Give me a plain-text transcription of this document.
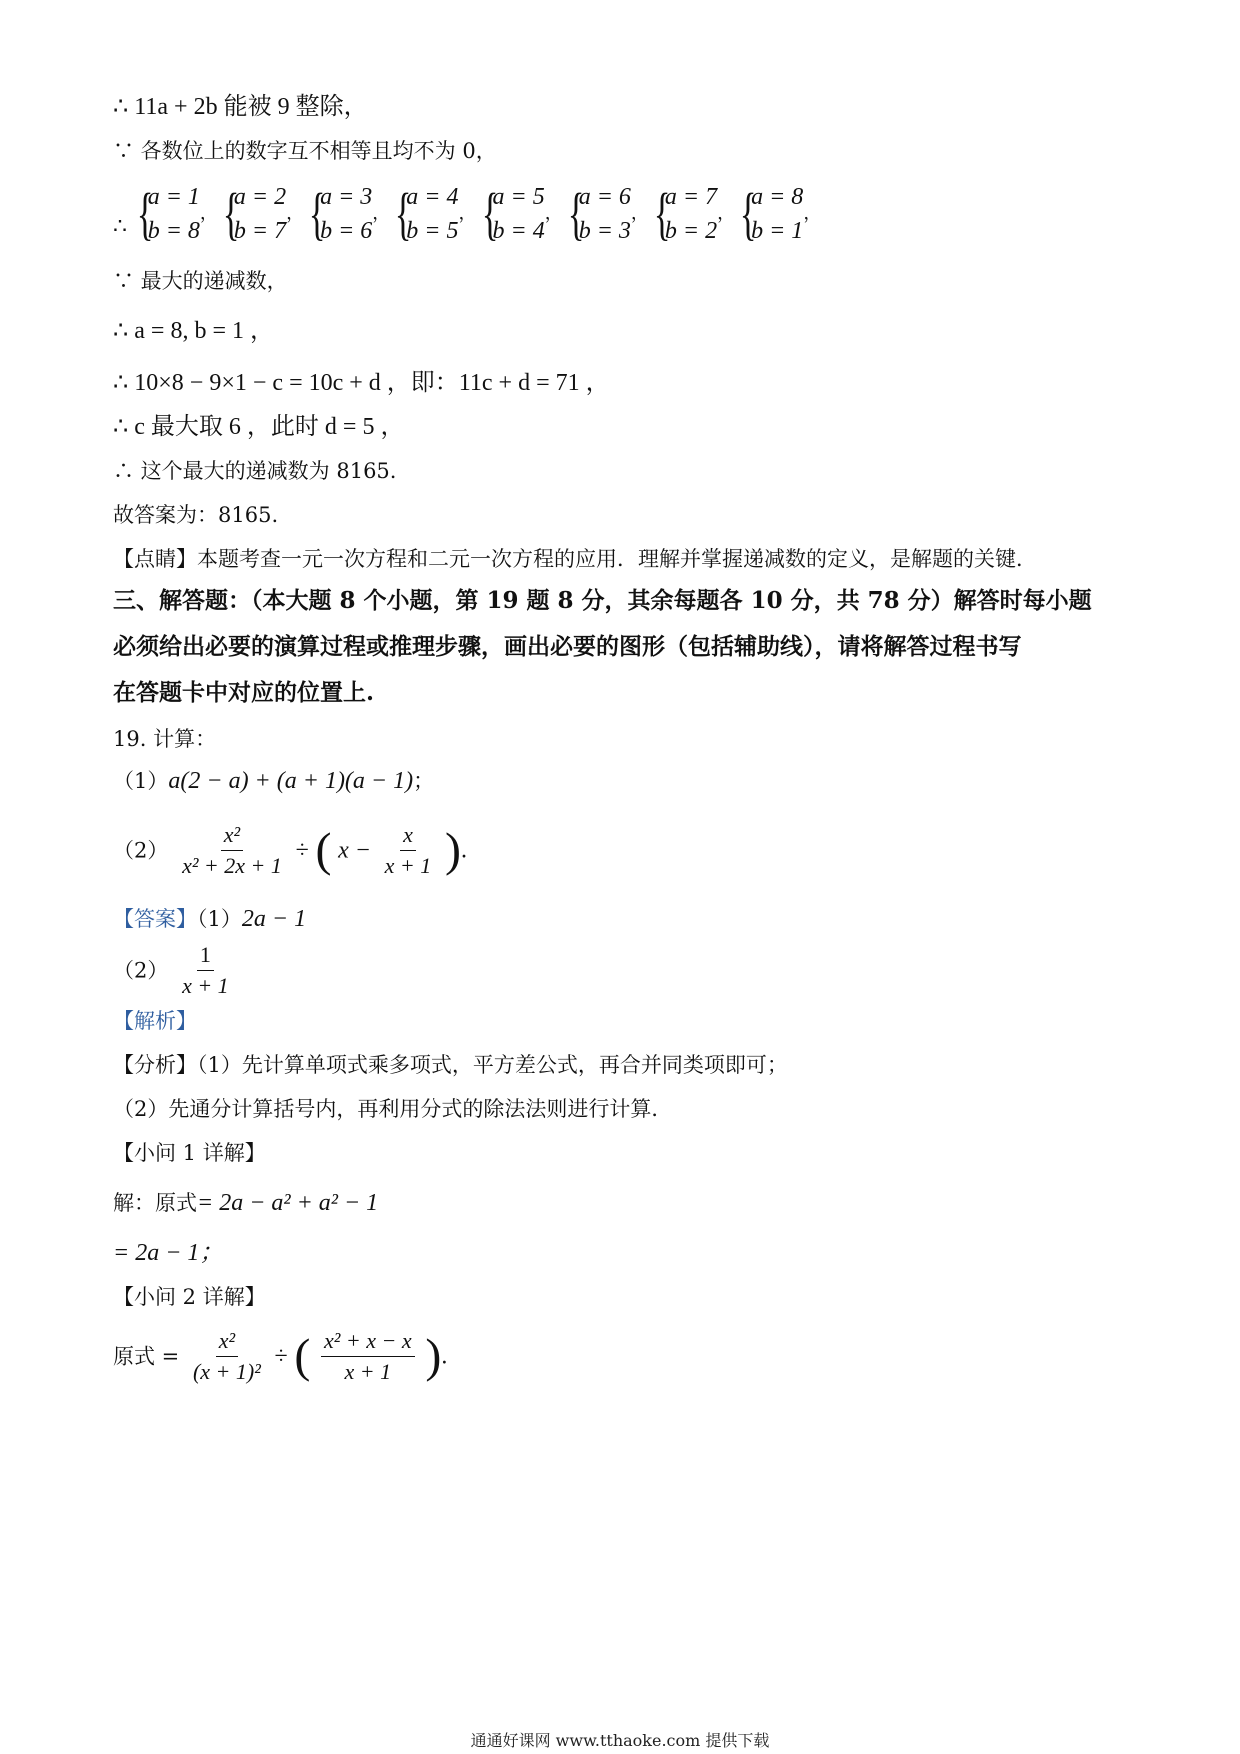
∴ 11a + 2b 能被 9 整除，
∵ 各数位上的数字互不相等且均不为 0，
∴ {
a = 1
b = 8
， {
a = 2
b = 7
， {
a = 3
b = 6
， {
a = 4
b = 5
， {
a = 5
b = 4
， {
a = 6
b = 3
， {
a = 7
b = 2
， {
a = 8
b = 1
，
∵ 最大的递减数，
∴ a = 8, b = 1 ，
∴ 10×8 − 9×1 − c = 10c + d ，即：11c + d = 71 ，
∴ c 最大取 6 ，此时 d = 5 ，
∴ 这个最大的递减数为 8165.
故答案为：8165.
【点睛】本题考查一元一次方程和二元一次方程的应用．理解并掌握递减数的定义，是解题的关键．
三、解答题：（本大题 8 个小题，第 19 题 8 分，其余每题各 10 分，共 78 分）解答时每小题
必须给出必要的演算过程或推理步骤，画出必要的图形（包括辅助线），请将解答过程书写
在答题卡中对应的位置上.
19. 计算：
（1）a(2 − a) + (a + 1)(a − 1)；
$(2) \frac{\text{x²}}{\text{x² + 2x + 1}}$ ÷ ( $x - \frac{x}{x + 1}$ ).
【答案】（1）2a − 1
$(2) \frac{1}{x + 1}$
【解析】
【分析】（1）先计算单项式乘多项式，平方差公式，再合并同类项即可；
（2）先通分计算括号内，再利用分式的除法法则进行计算．
【小问 1 详解】
解：原式= 2a − a² + a² − 1
= 2a − 1；
【小问 2 详解】
原式 = $\frac{\text{x²}}{\text{(x + 1)²}}$ ÷ ( $\frac{\text{x² + x − x}}{x + 1}$ ).
通通好课网 www.tthaoke.com 提供下载
